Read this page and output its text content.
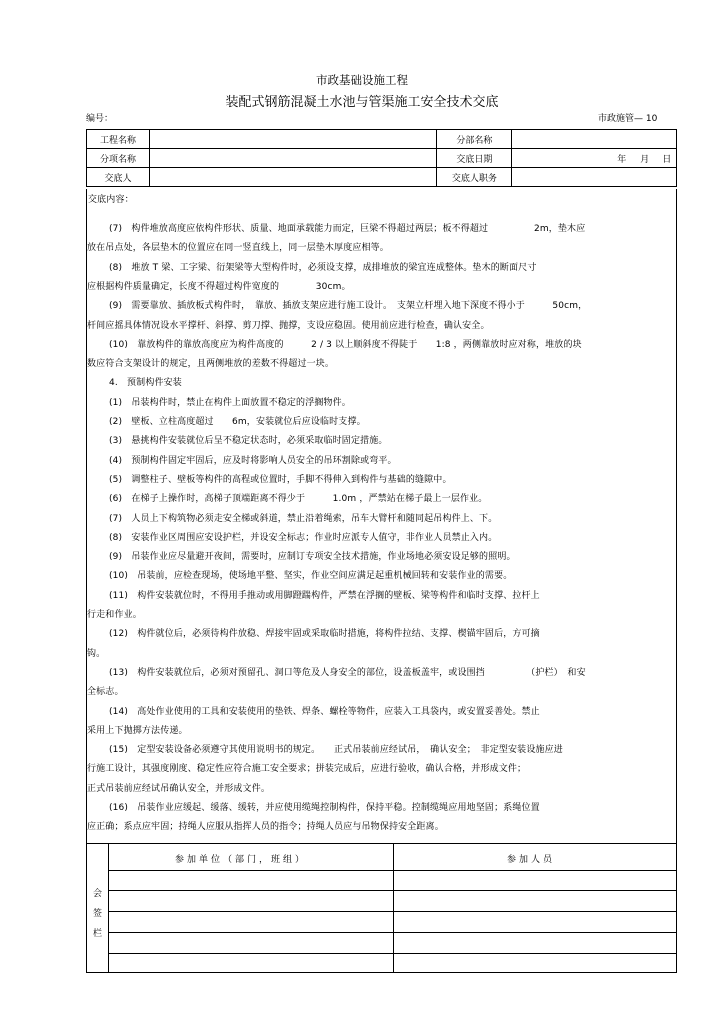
市政基础设施工程
装配式钢筋混凝土水池与管渠施工安全技术交底
编号：	市政施管— 10
工程名称		分部名称	
分项名称		交底日期	年 月 日

交底人		交底人职务	
交底内容：
(7)　构件堆放高度应依构件形状、质量、地面承载能力而定，巨梁不得超过两层；板不得超过　　　　　2m，垫木应
放在吊点处，各层垫木的位置应在同一竖直线上，同一层垫木厚度应相等。
(8)　堆放 T 梁、工字梁、衍架梁等大型构件时，必须设支撑，成排堆放的梁宜连成整体。垫木的断面尺寸
应根据构件质量确定，长度不得超过构件宽度的　　　　30cm。
(9)　需要靠放、插放板式构件时，　靠放、插放支架应进行施工设计。　支架立杆埋入地下深度不得小于　　　50cm，
杆间应摇具体情况设水平撑杆、斜撑、剪刀撑、抛撑，支设应稳固。使用前应进行检查，确认安全。
(10)　靠放构件的靠放高度应为构件高度的　　　2 / 3 以上顺斜度不得陡于　　1:8 ，两侧靠放时应对称，堆放的块
数应符合支架设计的规定，且两侧堆放的差数不得超过一块。
4.　预制构件安装
(1)　吊装构件时，禁止在构件上面放置不稳定的浮搁物件。
(2)　壁板、立柱高度超过　　6m，安装就位后应设临时支撑。
(3)　悬挑构件安装就位后呈不稳定状态时，必须采取临时固定措施。
(4)　预制构件固定牢固后，应及时将影响人员安全的吊环割除或弯平。
(5)　调整柱子、壁板等构件的高程或位置时，手脚不得伸入到构件与基础的缝隙中。
(6)　在梯子上操作时，高梯子顶端距离不得少于　　　1.0m ，严禁站在梯子最上一层作业。
(7)　人员上下构筑物必须走安全梯或斜道，禁止沿着绳索，吊车大臂杆和随同起吊构件上、下。
(8)　安装作业区周围应安设护栏，并设安全标志；作业时应派专人值守，非作业人员禁止入内。
(9)　吊装作业应尽量避开夜间，需要时，应制订专项安全技术措施，作业场地必须安设足够的照明。
(10)　吊装前，应检查现场，使场地平整、坚实，作业空间应满足起重机械回转和安装作业的需要。
(11)　构件安装就位时，不得用手推动或用脚蹬踹构件，严禁在浮搁的壁板、梁等构件和临时支撑、拉杆上
行走和作业。
(12)　构件就位后，必须待构件放稳、焊接牢固或采取临时措施，将构件拉结、支撑、楔锚牢固后，方可摘
钩。
(13)　构件安装就位后，必须对预留孔、洞口等危及人身安全的部位，设盖板盖牢，或设围挡　　　　　（护栏）　和安
全标志。
(14)　高处作业使用的工具和安装使用的垫铁、焊条、螺栓等物件，应装入工具袋内，或安置妥善处。禁止
采用上下抛掷方法传递。
(15)　定型安装设备必须遵守其使用说明书的规定。　　正式吊装前应经试吊，　确认安全；　非定型安装设施应进
行施工设计，其强度刚度、稳定性应符合施工安全要求；拼装完成后，应进行验收，确认合格，并形成文件；
正式吊装前应经试吊确认安全，并形成文件。
(16)　吊装作业应缓起、缓落、缓转，并应使用缆绳控制构件，保持平稳。控制缆绳应用地坚固；系绳位置
应正确；系点应牢固；持绳人应服从指挥人员的指令；持绳人员应与吊物保持安全距离。
会
签
栏
参加单位（部门，班组）	参加人员
